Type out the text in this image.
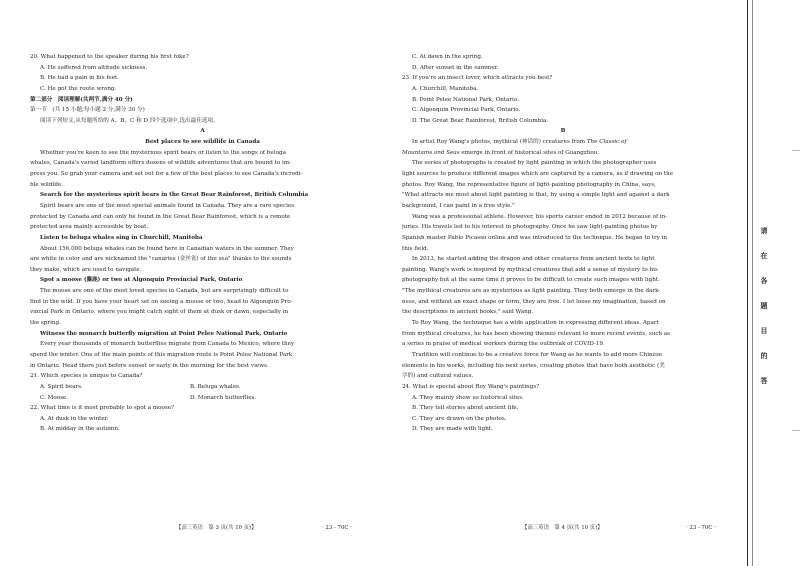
20. What happened to the speaker during his first hike?
A. He suffered from altitude sickness.
B. He had a pain in his feet.
C. He got the route wrong.
第二部分　阅读理解(共两节,满分 40 分)
第一节　(共 15 小题;每小题 2 分,满分 30 分)
阅读下列短文,从每题所给的 A、B、C 和 D 四个选项中,选出最佳选项。
A
Best places to see wildlife in Canada
Whether you're keen to see the mysterious spirit bears or listen to the songs of beluga
whales, Canada's varied landform offers dozens of wildlife adventures that are bound to im-
press you. So grab your camera and set out for a few of the best places to see Canada's incredi-
ble wildlife.
Search for the mysterious spirit bears in the Great Bear Rainforest, British Columbia
Spirit bears are one of the most special animals found in Canada. They are a rare species
protected by Canada and can only be found in the Great Bear Rainforest, which is a remote
protected area mainly accessible by boat.
Listen to beluga whales sing in Churchill, Manitoba
About 156,000 beluga whales can be found here in Canadian waters in the summer. They
are white in color and are nicknamed the "canaries (金丝雀) of the sea" thanks to the sounds
they make, which are used to navigate.
Spot a moose (麋鹿) or two at Algonquin Provincial Park, Ontario
The moose are one of the most loved species in Canada, but are surprisingly difficult to
find in the wild. If you have your heart set on seeing a moose or two, head to Algonquin Pro-
vincial Park in Ontario, where you might catch sight of them at dusk or dawn, especially in
the spring.
Witness the monarch butterfly migration at Point Pelee National Park, Ontario
Every year thousands of monarch butterflies migrate from Canada to Mexico, where they
spend the winter. One of the main points of this migration route is Point Pelee National Park
in Ontario. Head there just before sunset or early in the morning for the best views.
21. Which species is unique to Canada?
A. Spirit bears.	B. Beluga whales.
C. Moose.	D. Monarch butterflies.
22. What time is it most probably to spot a moose?
A. At dusk in the winter.
B. At midday in the autumn.
C. At dawn in the spring.
D. After sunset in the summer.
23. If you're an insect lover, which attracts you best?
A. Churchill, Manitoba.
B. Point Pelee National Park, Ontario.
C. Algonquin Provincial Park, Ontario.
D. The Great Bear Rainforest, British Columbia.
B
In artist Roy Wang's photos, mythical (神话的) creatures from The Classic of
Mountains and Seas emerge in front of historical sites of Guangzhou.
The series of photographs is created by light painting in which the photographer uses
light sources to produce different images which are captured by a camera, as if drawing on the
photos. Roy Wang, the representative figure of light-painting photography in China, says,
"What attracts me most about light painting is that, by using a simple light and against a dark
background, I can paint in a free style."
Wang was a professional athlete. However, his sports career ended in 2012 because of in-
juries. His travels led to his interest in photography. Once he saw light-painting photos by
Spanish master Pablo Picasso online and was introduced to the technique. He began to try in
this field.
In 2013, he started adding the dragon and other creatures from ancient texts to light
painting. Wang's work is inspired by mythical creatures that add a sense of mystery to his
photography but at the same time it proves to be difficult to create such images with light.
"The mythical creatures are as mysterious as light painting. They both emerge in the dark-
ness, and without an exact shape or form, they are free. I let loose my imagination, based on
the descriptions in ancient books," said Wang.
To Roy Wang, the technique has a wide application in expressing different ideas. Apart
from mythical creatures, he has been showing themes relevant to more recent events, such as
a series in praise of medical workers during the outbreak of COVID-19.
Tradition will continue to be a creative force for Wang as he wants to add more Chinese
elements in his works, including his next series, creating photos that have both aesthetic (美
学的) and cultural values.
24. What is special about Roy Wang's paintings?
A. They mainly show us historical sites.
B. They tell stories about ancient life.
C. They are drawn on the photos.
D. They are made with light.
【高三英语　第 3 页(共 10 页)】	· 23 - 70C ·	【高三英语　第 4 页(共 10 页)】	· 23 - 70C ·
请
在
各
题
目
的
答
